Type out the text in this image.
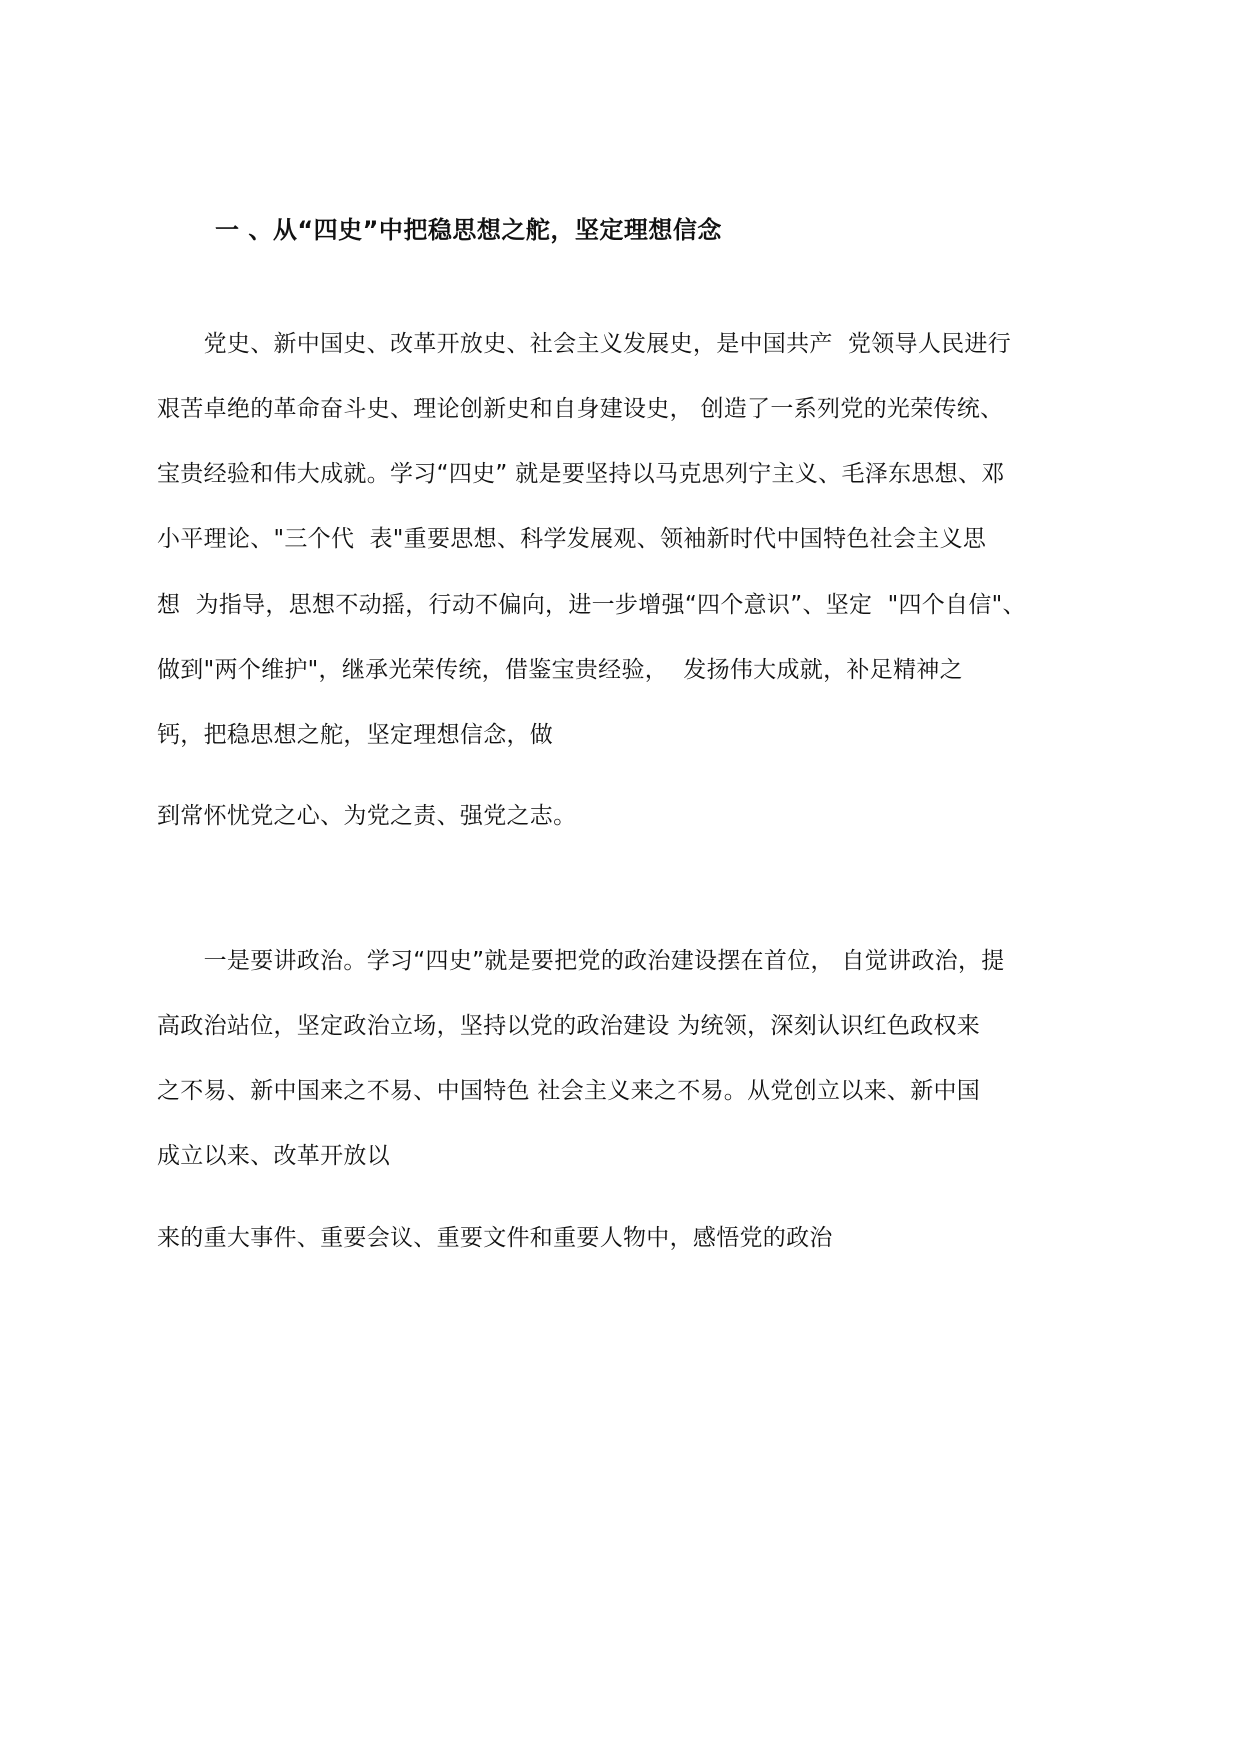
一 、从“四史”中把稳思想之舵，坚定理想信念
　　党史、新中国史、改革开放史、社会主义发展史，是中国共产  党领导人民进行
艰苦卓绝的革命奋斗史、理论创新史和自身建设史， 创造了一系列党的光荣传统、
宝贵经验和伟大成就。学习“四史” 就是要坚持以马克思列宁主义、毛泽东思想、邓
小平理论、"三个代  表"重要思想、科学发展观、领袖新时代中国特色社会主义思
想  为指导，思想不动摇，行动不偏向，进一步增强“四个意识”、坚定  "四个自信"、
做到"两个维护"，继承光荣传统，借鉴宝贵经验，  发扬伟大成就，补足精神之
钙，把稳思想之舵，坚定理想信念，做
到常怀忧党之心、为党之责、强党之志。
　　一是要讲政治。学习“四史”就是要把党的政治建设摆在首位， 自觉讲政治，提
高政治站位，坚定政治立场，坚持以党的政治建设 为统领，深刻认识红色政权来
之不易、新中国来之不易、中国特色 社会主义来之不易。从党创立以来、新中国
成立以来、改革开放以
来的重大事件、重要会议、重要文件和重要人物中，感悟党的政治
